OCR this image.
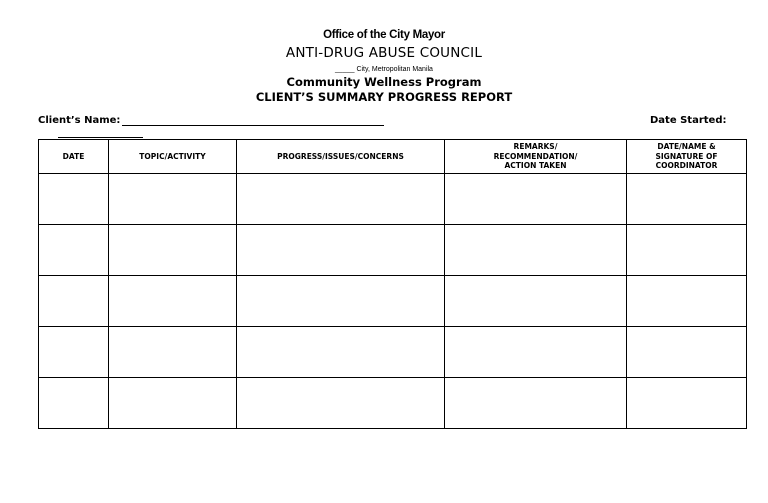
Office of the City Mayor
ANTI-DRUG ABUSE COUNCIL
_____ City, Metropolitan Manila
Community Wellness Program
CLIENT’S SUMMARY PROGRESS REPORT
Client’s Name:	Date Started:
DATE	TOPIC/ACTIVITY	PROGRESS/ISSUES/CONCERNS	REMARKS/
RECOMMENDATION/
ACTION TAKEN	DATE/NAME &
SIGNATURE OF
COORDINATOR
